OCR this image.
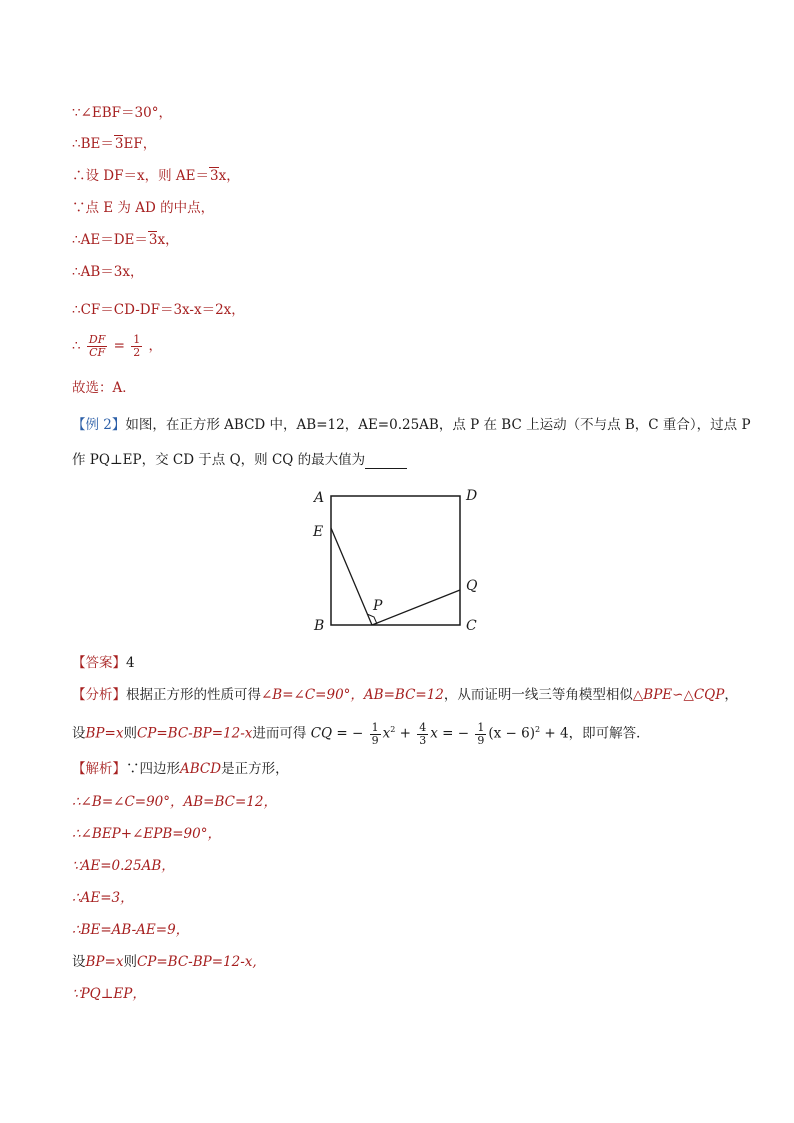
∵∠EBF＝30°，
∴BE＝3EF，
∴设 DF＝x，则 AE＝3x，
∵点 E 为 AD 的中点，
∴AE＝DE＝3x，
∴AB＝3x，
∴CF＝CD-DF＝3x-x＝2x，
∴ $\frac{DF}{CF} = \frac{1}{2}$ ，
故选：A．
【例 2】如图，在正方形 ABCD 中，AB=12，AE=0.25AB，点 P 在 BC 上运动（不与点 B，C 重合），过点 P
作 PQ⊥EP，交 CD 于点 Q，则 CQ 的最大值为
A	D
E
Q
P
B	C
【答案】4
【分析】根据正方形的性质可得∠B=∠C=90°，AB=BC=12，从而证明一线三等角模型相似△BPE∽△CQP，
设BP=x则CP=BC-BP=12-x进而可得 CQ = − $\frac{1}{9} x^2 + \frac{4}{3}$ x = − $\frac{1}{9} (x - 6)^2 + 4$，即可解答．
【解析】∵四边形ABCD是正方形，
∴∠B=∠C=90°，AB=BC=12，
∴∠BEP+∠EPB=90°，
∵AE=0.25AB，
∴AE=3，
∴BE=AB-AE=9，
设BP=x则CP=BC-BP=12-x,
∵PQ⊥EP，
